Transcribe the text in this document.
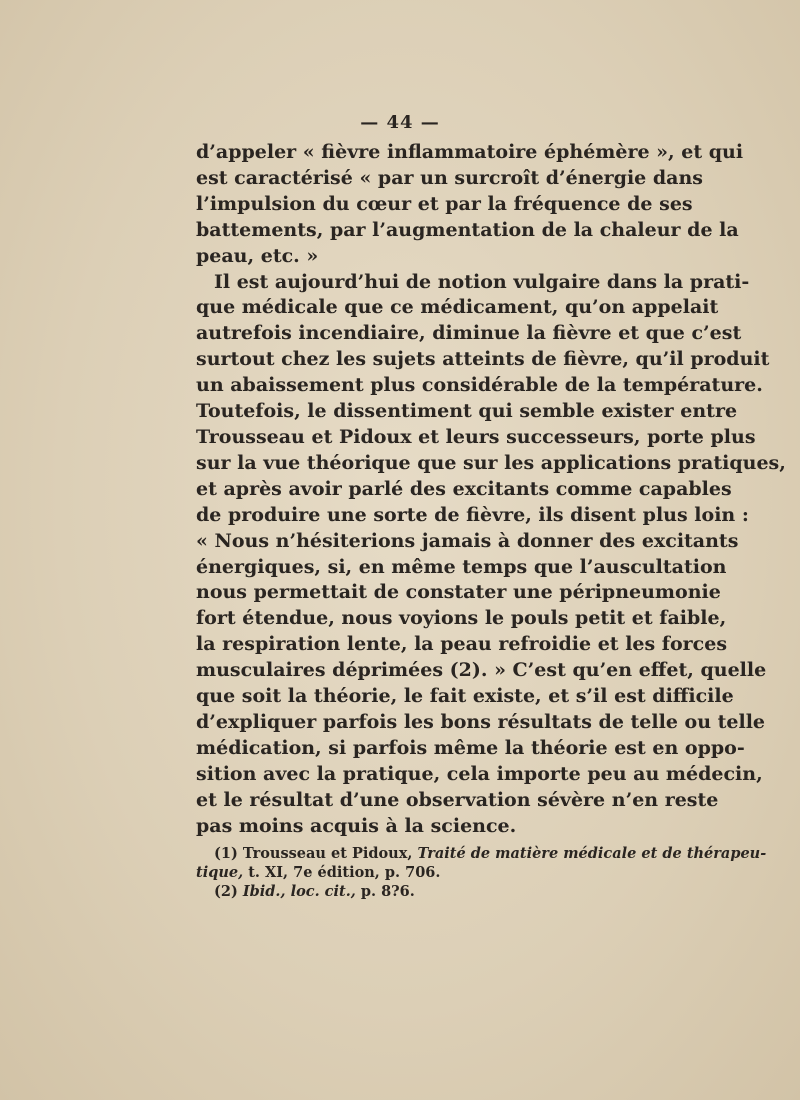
— 44 —
d’appeler « fièvre inflammatoire éphémère », et qui
est caractérisé « par un surcroît d’énergie dans
l’impulsion du cœur et par la fréquence de ses
battements, par l’augmentation de la chaleur de la
peau, etc. »
Il est aujourd’hui de notion vulgaire dans la prati-
que médicale que ce médicament, qu’on appelait
autrefois incendiaire, diminue la fièvre et que c’est
surtout chez les sujets atteints de fièvre, qu’il produit
un abaissement plus considérable de la température.
Toutefois, le dissentiment qui semble exister entre
Trousseau et Pidoux et leurs successeurs, porte plus
sur la vue théorique que sur les applications pratiques,
et après avoir parlé des excitants comme capables
de produire une sorte de fièvre, ils disent plus loin :
« Nous n’hésiterions jamais à donner des excitants
énergiques, si, en même temps que l’auscultation
nous permettait de constater une péripneumonie
fort étendue, nous voyions le pouls petit et faible,
la respiration lente, la peau refroidie et les forces
musculaires déprimées (2). » C’est qu’en effet, quelle
que soit la théorie, le fait existe, et s’il est difficile
d’expliquer parfois les bons résultats de telle ou telle
médication, si parfois même la théorie est en oppo-
sition avec la pratique, cela importe peu au médecin,
et le résultat d’une observation sévère n’en reste
pas moins acquis à la science.
(1) Trousseau et Pidoux, Traité de matière médicale et de thérapeu-
tique, t. XI, 7e édition, p. 706.
(2) Ibid., loc. cit., p. 8?6.
